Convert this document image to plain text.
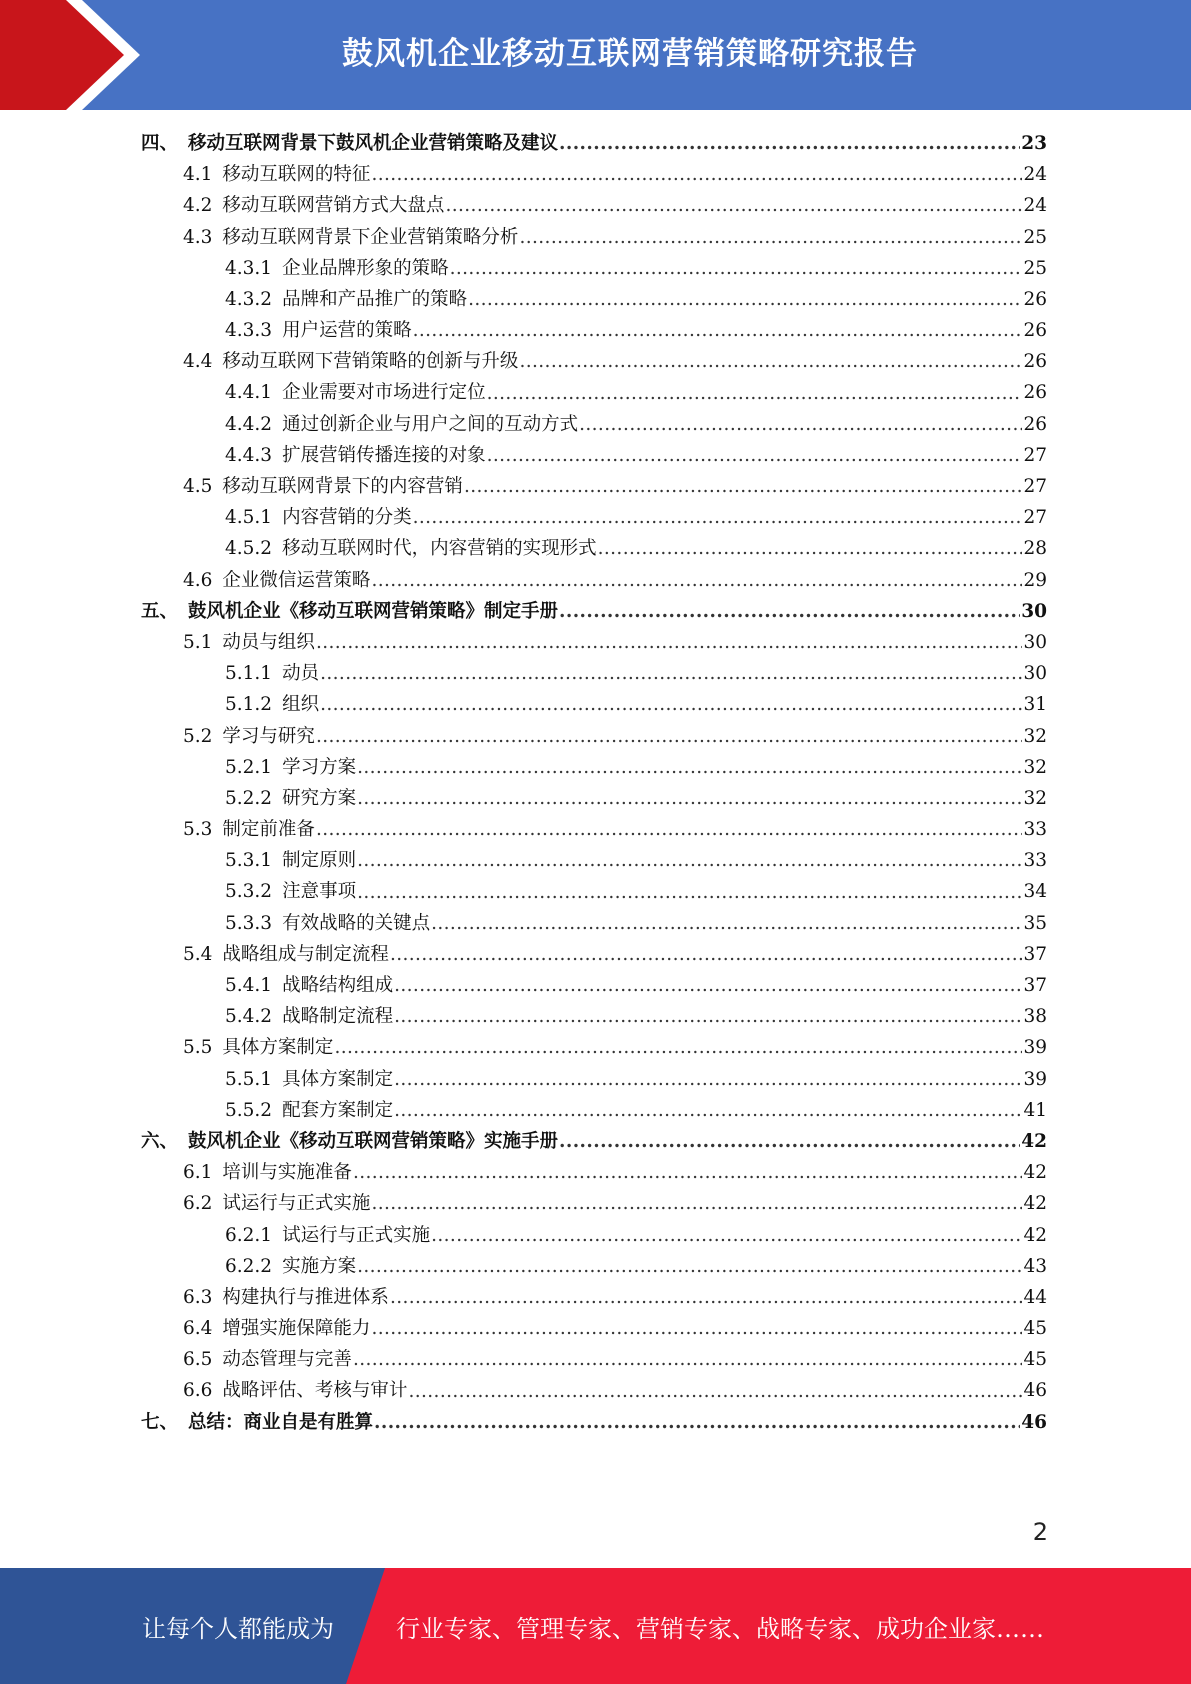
鼓风机企业移动互联网营销策略研究报告
四、 移动互联网背景下鼓风机企业营销策略及建议 .....	23
4.1 移动互联网的特征 .....	24
4.2 移动互联网营销方式大盘点 .....	24
4.3 移动互联网背景下企业营销策略分析 .....	25
4.3.1 企业品牌形象的策略 .....	25
4.3.2 品牌和产品推广的策略 .....	26
4.3.3 用户运营的策略 .....	26
4.4 移动互联网下营销策略的创新与升级 .....	26
4.4.1 企业需要对市场进行定位 .....	26
4.4.2 通过创新企业与用户之间的互动方式 .....	26
4.4.3 扩展营销传播连接的对象 .....	27
4.5 移动互联网背景下的内容营销 .....	27
4.5.1 内容营销的分类 .....	27
4.5.2 移动互联网时代，内容营销的实现形式 .....	28
4.6 企业微信运营策略 .....	29
五、 鼓风机企业《移动互联网营销策略》制定手册 .....	30
5.1 动员与组织 .....	30
5.1.1 动员 .....	30
5.1.2 组织 .....	31
5.2 学习与研究 .....	32
5.2.1 学习方案 .....	32
5.2.2 研究方案 .....	32
5.3 制定前准备 .....	33
5.3.1 制定原则 .....	33
5.3.2 注意事项 .....	34
5.3.3 有效战略的关键点 .....	35
5.4 战略组成与制定流程 .....	37
5.4.1 战略结构组成 .....	37
5.4.2 战略制定流程 .....	38
5.5 具体方案制定 .....	39
5.5.1 具体方案制定 .....	39
5.5.2 配套方案制定 .....	41
六、 鼓风机企业《移动互联网营销策略》实施手册 .....	42
6.1 培训与实施准备 .....	42
6.2 试运行与正式实施 .....	42
6.2.1 试运行与正式实施 .....	42
6.2.2 实施方案 .....	43
6.3 构建执行与推进体系 .....	44
6.4 增强实施保障能力 .....	45
6.5 动态管理与完善 .....	45
6.6 战略评估、考核与审计 .....	46
七、 总结：商业自是有胜算 .....	46
2
让每个人都能成为	行业专家、管理专家、营销专家、战略专家、成功企业家……
